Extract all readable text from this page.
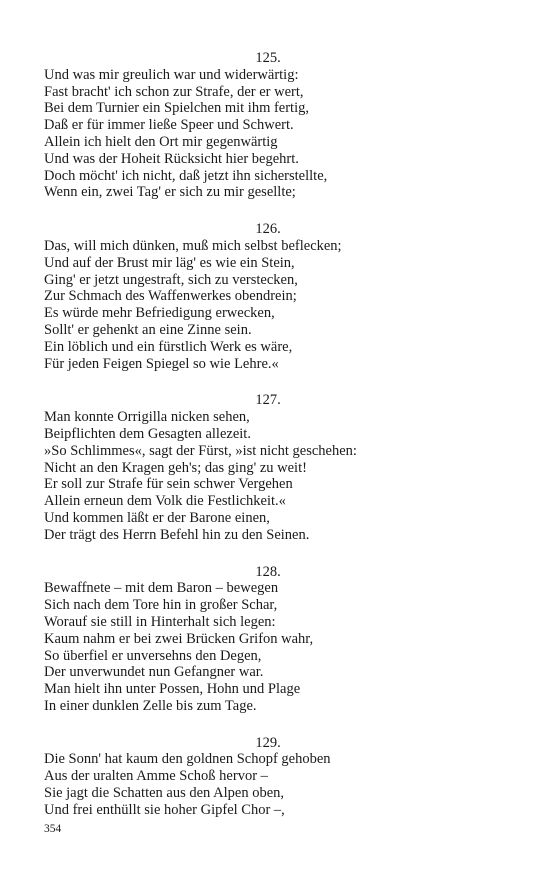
125.
Und was mir greulich war und widerwärtig:
Fast bracht' ich schon zur Strafe, der er wert,
Bei dem Turnier ein Spielchen mit ihm fertig,
Daß er für immer ließe Speer und Schwert.
Allein ich hielt den Ort mir gegenwärtig
Und was der Hoheit Rücksicht hier begehrt.
Doch möcht' ich nicht, daß jetzt ihn sicherstellte,
Wenn ein, zwei Tag' er sich zu mir gesellte;
126.
Das, will mich dünken, muß mich selbst beflecken;
Und auf der Brust mir läg' es wie ein Stein,
Ging' er jetzt ungestraft, sich zu verstecken,
Zur Schmach des Waffenwerkes obendrein;
Es würde mehr Befriedigung erwecken,
Sollt' er gehenkt an eine Zinne sein.
Ein löblich und ein fürstlich Werk es wäre,
Für jeden Feigen Spiegel so wie Lehre.«
127.
Man konnte Orrigilla nicken sehen,
Beipflichten dem Gesagten allezeit.
»So Schlimmes«, sagt der Fürst, »ist nicht geschehen:
Nicht an den Kragen geh's; das ging' zu weit!
Er soll zur Strafe für sein schwer Vergehen
Allein erneun dem Volk die Festlichkeit.«
Und kommen läßt er der Barone einen,
Der trägt des Herrn Befehl hin zu den Seinen.
128.
Bewaffnete – mit dem Baron – bewegen
Sich nach dem Tore hin in großer Schar,
Worauf sie still in Hinterhalt sich legen:
Kaum nahm er bei zwei Brücken Grifon wahr,
So überfiel er unversehns den Degen,
Der unverwundet nun Gefangner war.
Man hielt ihn unter Possen, Hohn und Plage
In einer dunklen Zelle bis zum Tage.
129.
Die Sonn' hat kaum den goldnen Schopf gehoben
Aus der uralten Amme Schoß hervor –
Sie jagt die Schatten aus den Alpen oben,
Und frei enthüllt sie hoher Gipfel Chor –,
354
